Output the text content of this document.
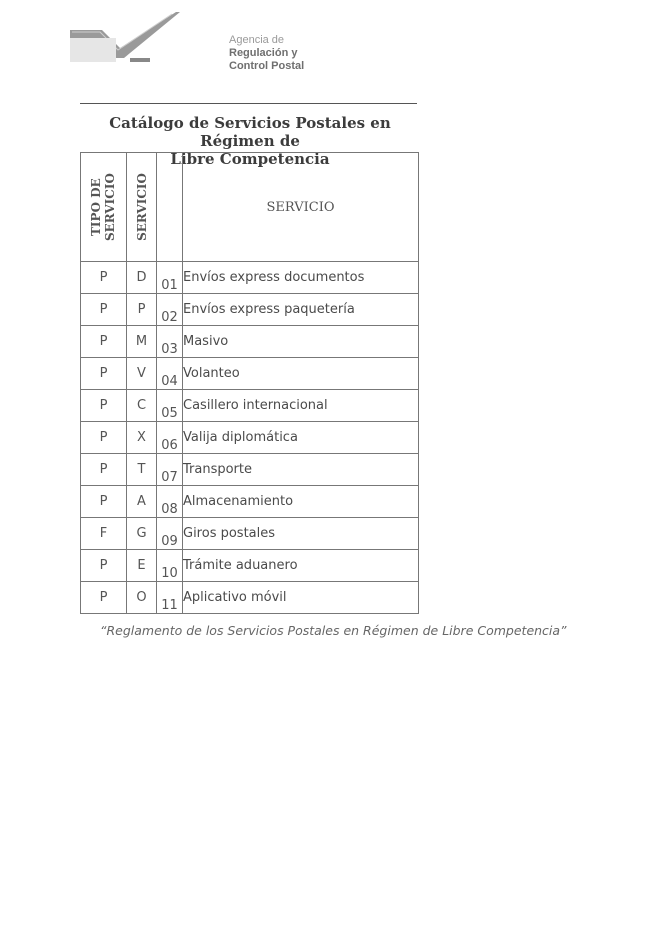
Agencia de
Regulación y
Control Postal
Catálogo de Servicios Postales en Régimen de
Libre Competencia
TIPO DE SERVICIO	SERVICIO		SERVICIO
P	D	01	Envíos express documentos
P	P	02	Envíos express paquetería
P	M	03	Masivo
P	V	04	Volanteo
P	C	05	Casillero internacional
P	X	06	Valija diplomática
P	T	07	Transporte
P	A	08	Almacenamiento
F	G	09	Giros postales
P	E	10	Trámite aduanero
P	O	11	Aplicativo móvil
“Reglamento de los Servicios Postales en Régimen de Libre Competencia”
